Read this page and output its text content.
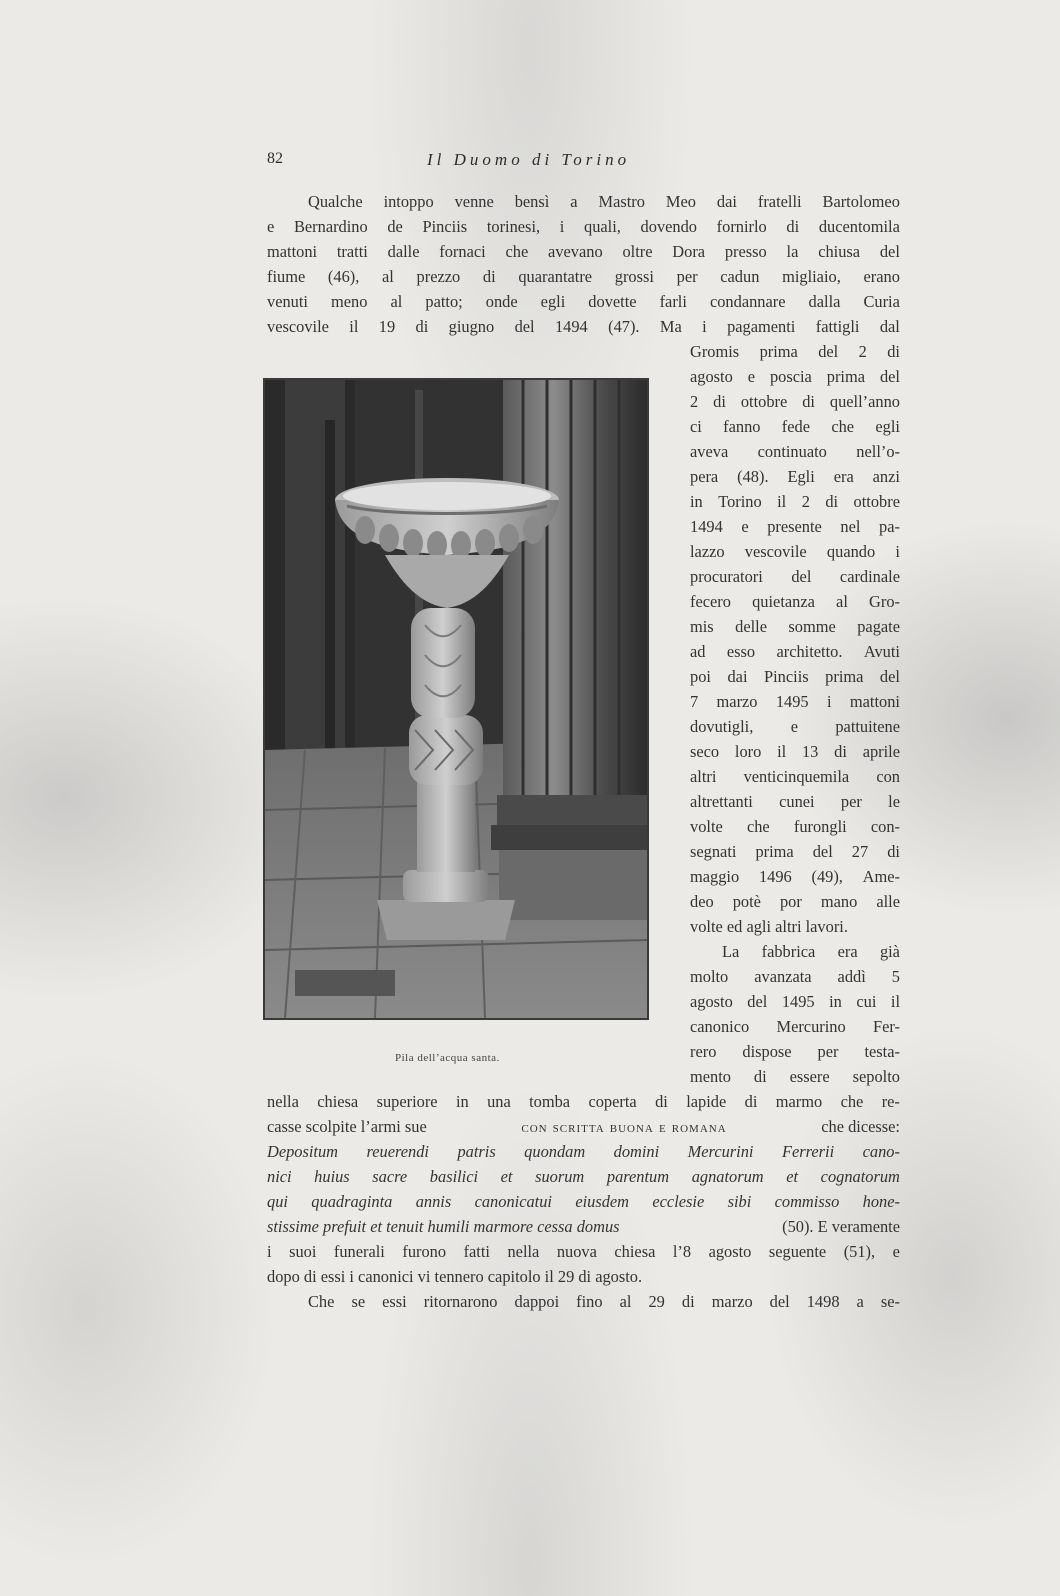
82	Il Duomo di Torino
Qualche intoppo venne bensì a Mastro Meo dai fratelli Bartolomeo
e Bernardino de Pinciis torinesi, i quali, dovendo fornirlo di ducentomila
mattoni tratti dalle fornaci che avevano oltre Dora presso la chiusa del
fiume (46), al prezzo di quarantatre grossi per cadun migliaio, erano
venuti meno al patto; onde egli dovette farli condannare dalla Curia
vescovile il 19 di giugno del 1494 (47). Ma i pagamenti fattigli dal
Pila dell’acqua santa.
Gromis prima del 2 di
agosto e poscia prima del
2 di ottobre di quell’anno
ci fanno fede che egli
aveva continuato nell’o-
pera (48). Egli era anzi
in Torino il 2 di ottobre
1494 e presente nel pa-
lazzo vescovile quando i
procuratori del cardinale
fecero quietanza al Gro-
mis delle somme pagate
ad esso architetto. Avuti
poi dai Pinciis prima del
7 marzo 1495 i mattoni
dovutigli, e pattuitene
seco loro il 13 di aprile
altri venticinquemila con
altrettanti cunei per le
volte che furongli con-
segnati prima del 27 di
maggio 1496 (49), Ame-
deo potè por mano alle
volte ed agli altri lavori.
La fabbrica era già
molto avanzata addì 5
agosto del 1495 in cui il
canonico Mercurino Fer-
rero dispose per testa-
mento di essere sepolto
nella chiesa superiore in una tomba coperta di lapide di marmo che re-
casse scolpite l’armi sue	con scritta buona e romana	che dicesse:
Depositum reuerendi patris quondam domini Mercurini Ferrerii cano-
nici huius sacre basilici et suorum parentum agnatorum et cognatorum
qui quadraginta annis canonicatui eiusdem ecclesie sibi commisso hone-
stissime prefuit et tenuit humili marmore cessa domus	(50). E veramente
i suoi funerali furono fatti nella nuova chiesa l’8 agosto seguente (51), e
dopo di essi i canonici vi tennero capitolo il 29 di agosto.
Che se essi ritornarono dappoi fino al 29 di marzo del 1498 a se-
